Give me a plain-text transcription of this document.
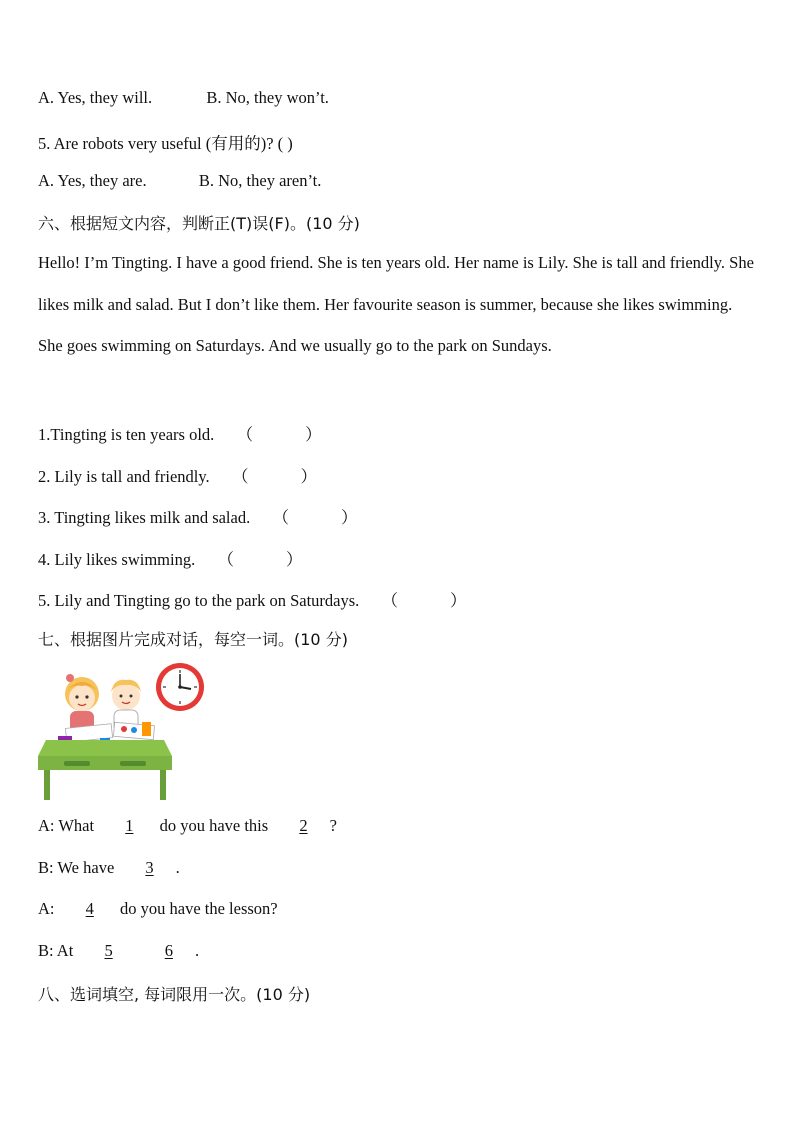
A. Yes, they will.	B. No, they won’t.
5. Are robots very useful (有用的)? ( )
A. Yes, they are.	B. No, they aren’t.
六、根据短文内容，判断正(T)误(F)。(10 分)
Hello! I’m Tingting. I have a good friend. She is ten years old. Her name is Lily. She is tall and friendly. She likes milk and salad. But I don’t like them. Her favourite season is summer, because she likes swimming. She goes swimming on Saturdays. And we usually go to the park on Sundays.
1.Tingting is ten years old. （	）
2. Lily is tall and friendly. （	）
3. Tingting likes milk and salad. （	）
4. Lily likes swimming. （	）
5. Lily and Tingting go to the park on Saturdays. （	）
七、根据图片完成对话，每空一词。(10 分)
A: What 1 do you have this 2 ?
B: We have 3 .
A: 4 do you have the lesson?
B: At 5	6 .
八、选词填空, 每词限用一次。(10 分)
